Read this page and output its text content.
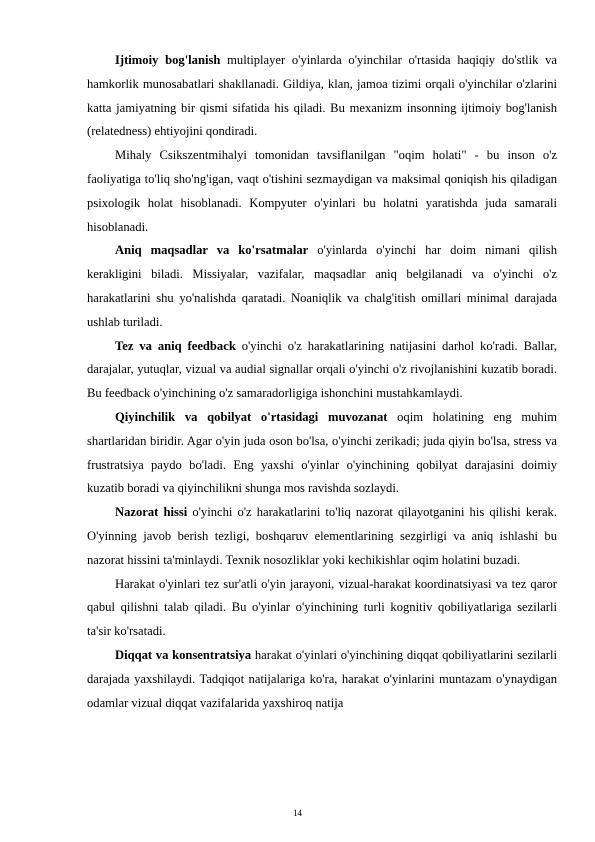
Ijtimoiy bog'lanish multiplayer o'yinlarda o'yinchilar o'rtasida haqiqiy do'stlik va hamkorlik munosabatlari shakllanadi. Gildiya, klan, jamoa tizimi orqali o'yinchilar o'zlarini katta jamiyatning bir qismi sifatida his qiladi. Bu mexanizm insonning ijtimoiy bog'lanish (relatedness) ehtiyojini qondiradi.

Mihaly Csikszentmihalyi tomonidan tavsiflanilgan "oqim holati" - bu inson o'z faoliyatiga to'liq sho'ng'igan, vaqt o'tishini sezmaydigan va maksimal qoniqish his qiladigan psixologik holat hisoblanadi. Kompyuter o'yinlari bu holatni yaratishda juda samarali hisoblanadi.

Aniq maqsadlar va ko'rsatmalar o'yinlarda o'yinchi har doim nimani qilish kerakligini biladi. Missiyalar, vazifalar, maqsadlar aniq belgilanadi va o'yinchi o'z harakatlarini shu yo'nalishda qaratadi. Noaniqlik va chalg'itish omillari minimal darajada ushlab turiladi.

Tez va aniq feedback o'yinchi o'z harakatlarining natijasini darhol ko'radi. Ballar, darajalar, yutuqlar, vizual va audial signallar orqali o'yinchi o'z rivojlanishini kuzatib boradi. Bu feedback o'yinchining o'z samaradorligiga ishonchini mustahkamlaydi.

Qiyinchilik va qobilyat o'rtasidagi muvozanat oqim holatining eng muhim shartlaridan biridir. Agar o'yin juda oson bo'lsa, o'yinchi zerikadi; juda qiyin bo'lsa, stress va frustratsiya paydo bo'ladi. Eng yaxshi o'yinlar o'yinchining qobilyat darajasini doimiy kuzatib boradi va qiyinchilikni shunga mos ravishda sozlaydi.

Nazorat hissi o'yinchi o'z harakatlarini to'liq nazorat qilayotganini his qilishi kerak. O'yinning javob berish tezligi, boshqaruv elementlarining sezgirligi va aniq ishlashi bu nazorat hissini ta'minlaydi. Texnik nosozliklar yoki kechikishlar oqim holatini buzadi.

Harakat o'yinlari tez sur'atli o'yin jarayoni, vizual-harakat koordinatsiyasi va tez qaror qabul qilishni talab qiladi. Bu o'yinlar o'yinchining turli kognitiv qobiliyatlariga sezilarli ta'sir ko'rsatadi.

Diqqat va konsentratsiya harakat o'yinlari o'yinchining diqqat qobiliyatlarini sezilarli darajada yaxshilaydi. Tadqiqot natijalariga ko'ra, harakat o'yinlarini muntazam o'ynaydigan odamlar vizual diqqat vazifalarida yaxshiroq natija

14
